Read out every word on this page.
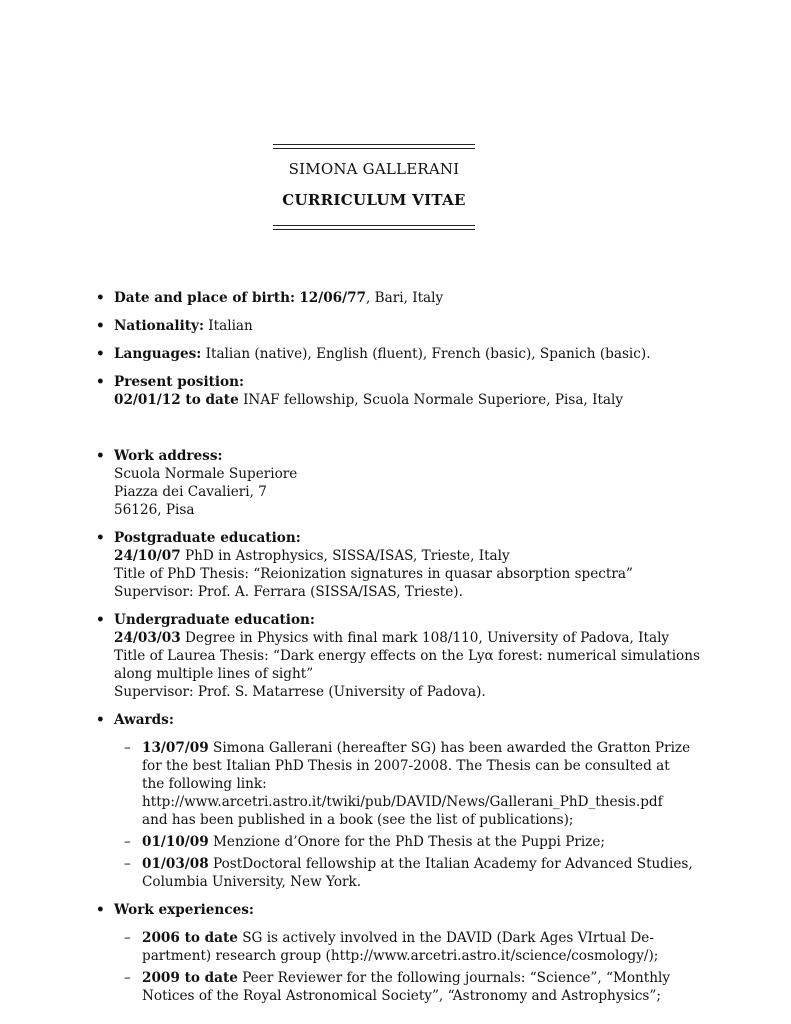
SIMONA GALLERANI
CURRICULUM VITAE
• Date and place of birth: 12/06/77, Bari, Italy
• Nationality: Italian
• Languages: Italian (native), English (fluent), French (basic), Spanich (basic).
• Present position:
02/01/12 to date INAF fellowship, Scuola Normale Superiore, Pisa, Italy
• Work address:
Scuola Normale Superiore
Piazza dei Cavalieri, 7
56126, Pisa
• Postgraduate education:
24/10/07 PhD in Astrophysics, SISSA/ISAS, Trieste, Italy
Title of PhD Thesis: “Reionization signatures in quasar absorption spectra”
Supervisor: Prof. A. Ferrara (SISSA/ISAS, Trieste).
• Undergraduate education:
24/03/03 Degree in Physics with final mark 108/110, University of Padova, Italy
Title of Laurea Thesis: “Dark energy effects on the Lyα forest: numerical simulations
along multiple lines of sight”
Supervisor: Prof. S. Matarrese (University of Padova).
• Awards:
– 13/07/09 Simona Gallerani (hereafter SG) has been awarded the Gratton Prize
for the best Italian PhD Thesis in 2007-2008. The Thesis can be consulted at
the following link:
http://www.arcetri.astro.it/twiki/pub/DAVID/News/Gallerani_PhD_thesis.pdf
and has been published in a book (see the list of publications);
– 01/10/09 Menzione d’Onore for the PhD Thesis at the Puppi Prize;
– 01/03/08 PostDoctoral fellowship at the Italian Academy for Advanced Studies,
Columbia University, New York.
• Work experiences:
– 2006 to date SG is actively involved in the DAVID (Dark Ages VIrtual De-
partment) research group (http://www.arcetri.astro.it/science/cosmology/);
– 2009 to date Peer Reviewer for the following journals: “Science”, “Monthly
Notices of the Royal Astronomical Society”, “Astronomy and Astrophysics”;
